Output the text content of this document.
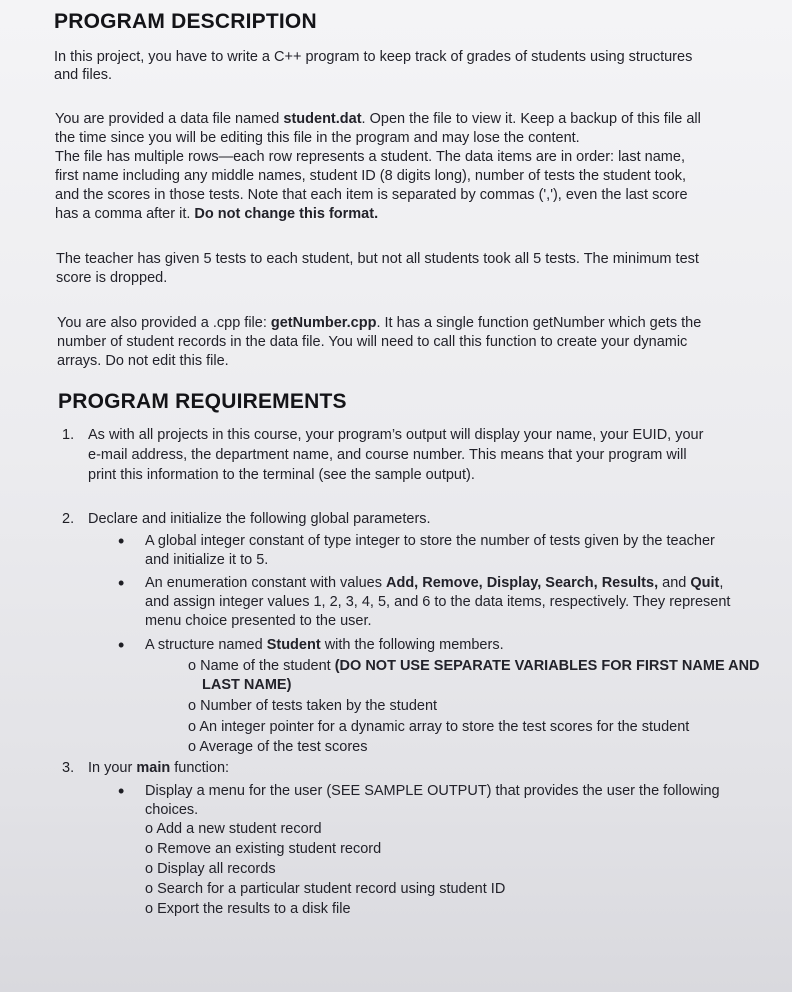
PROGRAM DESCRIPTION
In this project, you have to write a C++ program to keep track of grades of students using structures
and files.
You are provided a data file named student.dat. Open the file to view it. Keep a backup of this file all
the time since you will be editing this file in the program and may lose the content.
The file has multiple rows—each row represents a student. The data items are in order: last name,
first name including any middle names, student ID (8 digits long), number of tests the student took,
and the scores in those tests. Note that each item is separated by commas (','), even the last score
has a comma after it. Do not change this format.
The teacher has given 5 tests to each student, but not all students took all 5 tests. The minimum test
score is dropped.
You are also provided a .cpp file: getNumber.cpp. It has a single function getNumber which gets the
number of student records in the data file. You will need to call this function to create your dynamic
arrays. Do not edit this file.
PROGRAM REQUIREMENTS
1. As with all projects in this course, your program’s output will display your name, your EUID, your
e-mail address, the department name, and course number. This means that your program will
print this information to the terminal (see the sample output).
2. Declare and initialize the following global parameters.
• A global integer constant of type integer to store the number of tests given by the teacher
and initialize it to 5.
• An enumeration constant with values Add, Remove, Display, Search, Results, and Quit,
and assign integer values 1, 2, 3, 4, 5, and 6 to the data items, respectively. They represent
menu choice presented to the user.
• A structure named Student with the following members.
o Name of the student (DO NOT USE SEPARATE VARIABLES FOR FIRST NAME AND
LAST NAME)
o Number of tests taken by the student
o An integer pointer for a dynamic array to store the test scores for the student
o Average of the test scores
3. In your main function:
• Display a menu for the user (SEE SAMPLE OUTPUT) that provides the user the following
choices.
o Add a new student record
o Remove an existing student record
o Display all records
o Search for a particular student record using student ID
o Export the results to a disk file
